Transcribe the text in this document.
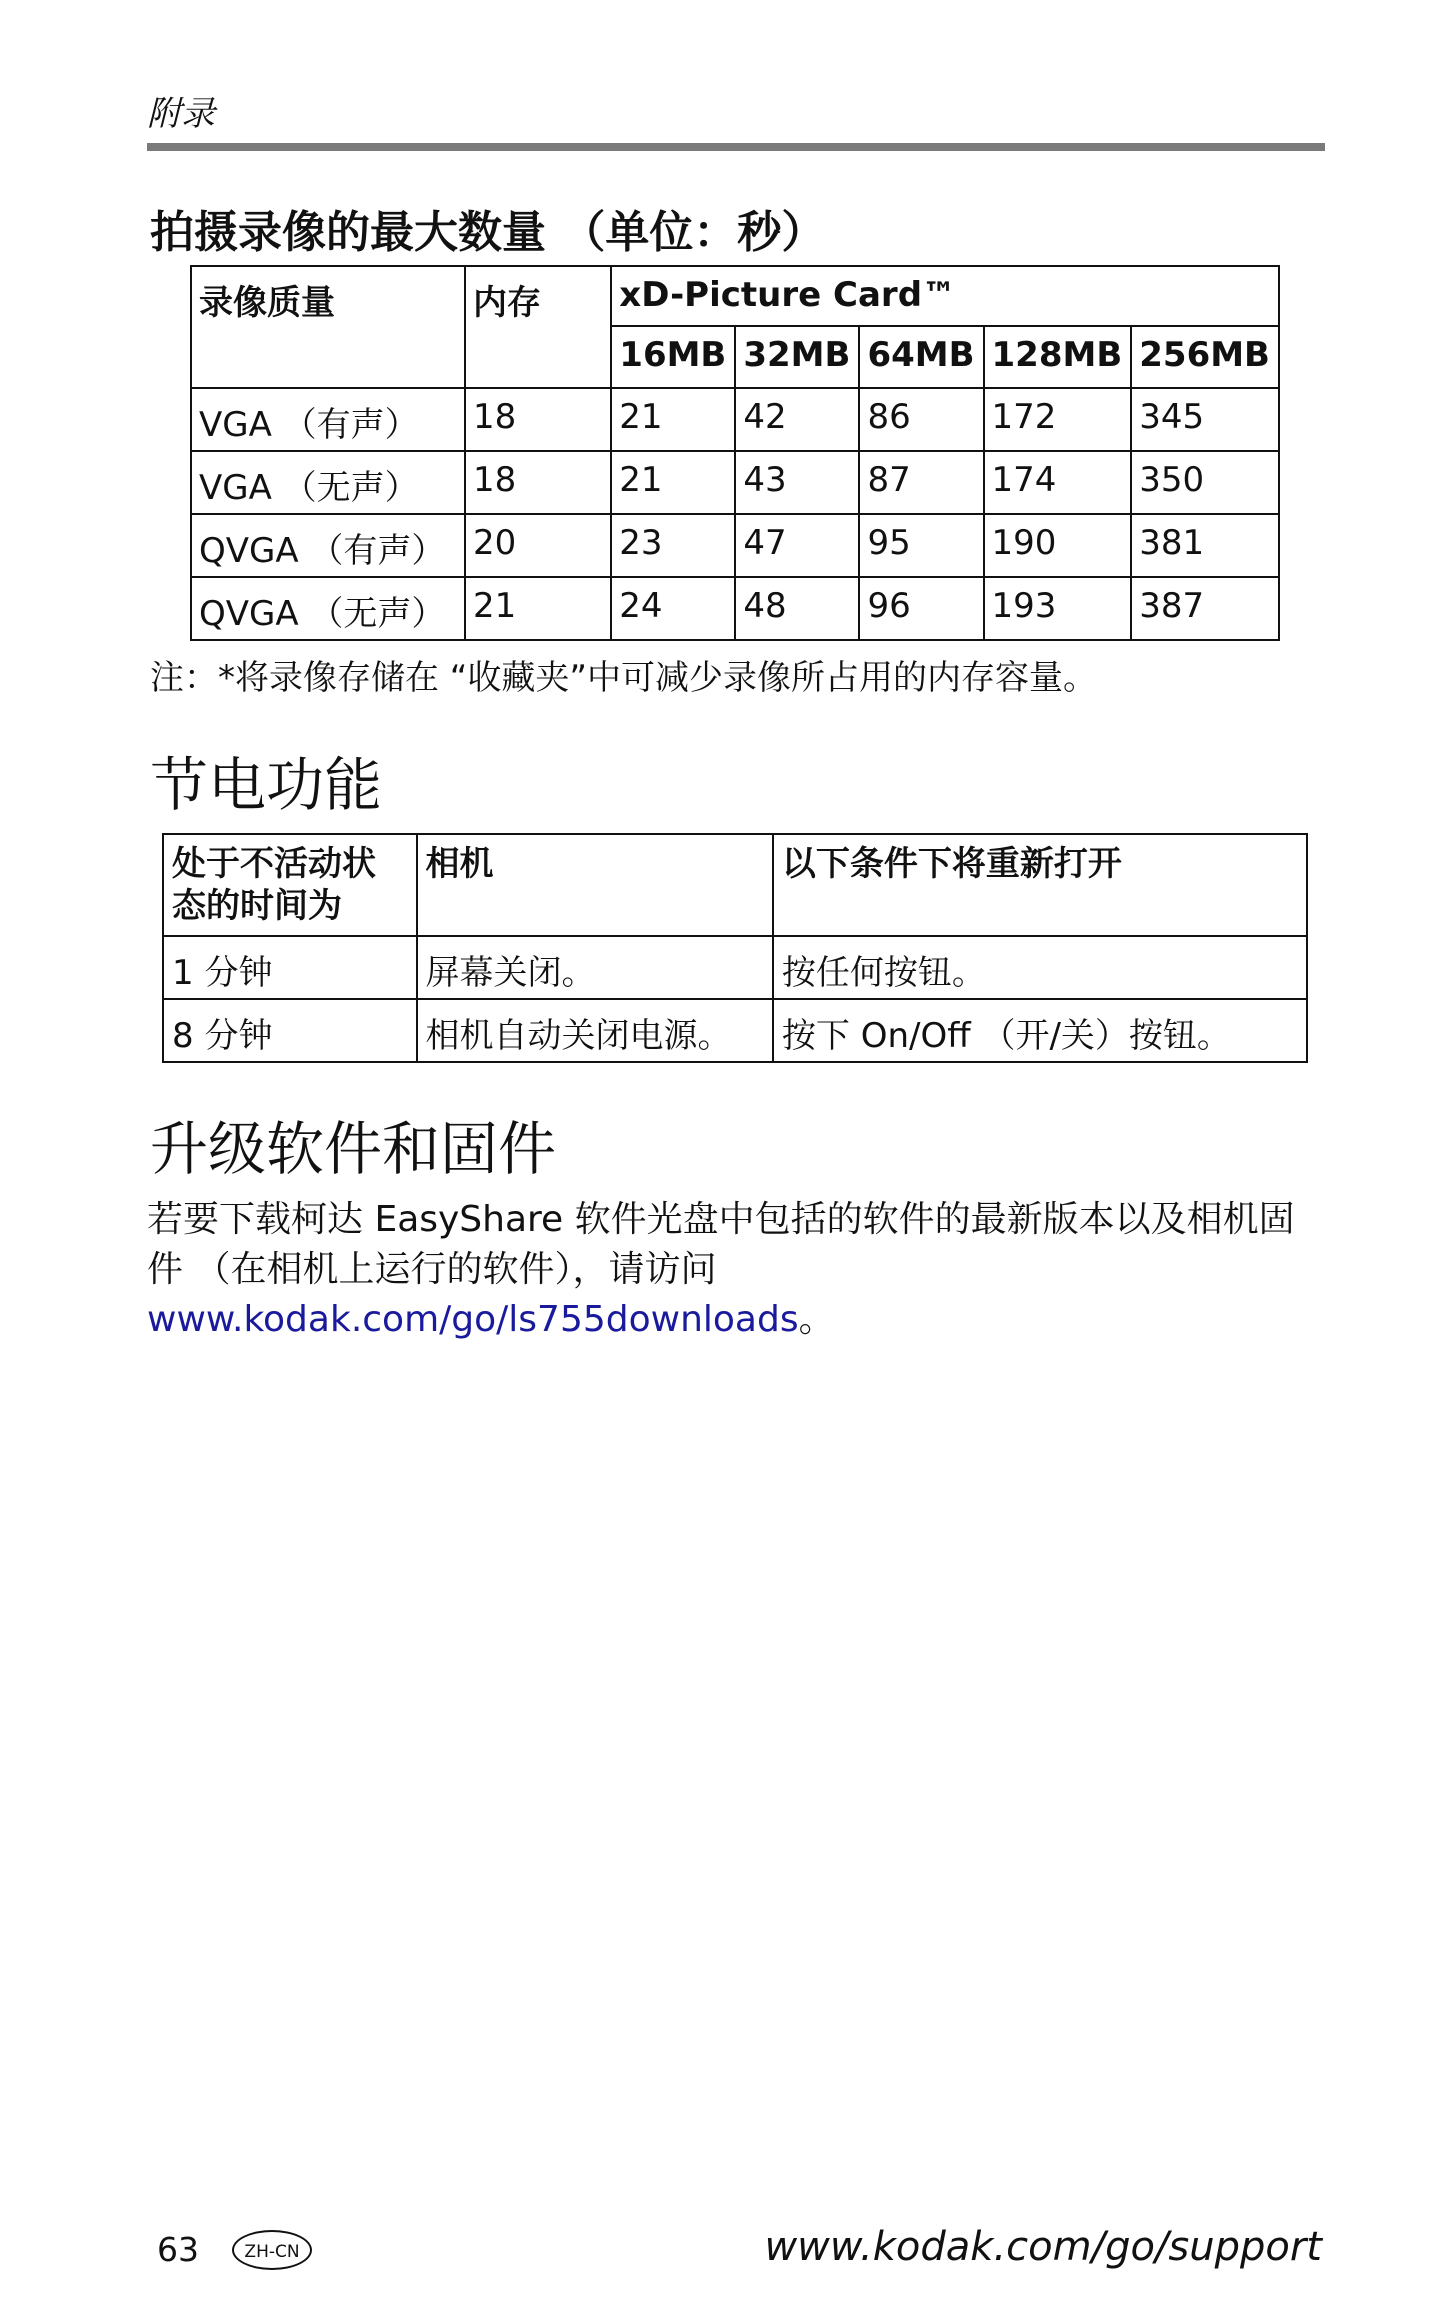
附录
拍摄录像的最大数量 （单位：秒）
录像质量	内存	xD-Picture Card™				
		16MB	32MB	64MB	128MB	256MB
VGA （有声）	18	21	42	86	172	345
VGA （无声）	18	21	43	87	174	350
QVGA （有声）	20	23	47	95	190	381
QVGA （无声）	21	24	48	96	193	387
注：*将录像存储在 “收藏夹”中可减少录像所占用的内存容量。
节电功能
处于不活动状态的时间为	相机	以下条件下将重新打开
1 分钟	屏幕关闭。	按任何按钮。
8 分钟	相机自动关闭电源。	按下 On/Off （开/关）按钮。
升级软件和固件
若要下载柯达 EasyShare 软件光盘中包括的软件的最新版本以及相机固件 （在相机上运行的软件），请访问
www.kodak.com/go/ls755downloads。
63	ZH-CN	www.kodak.com/go/support
